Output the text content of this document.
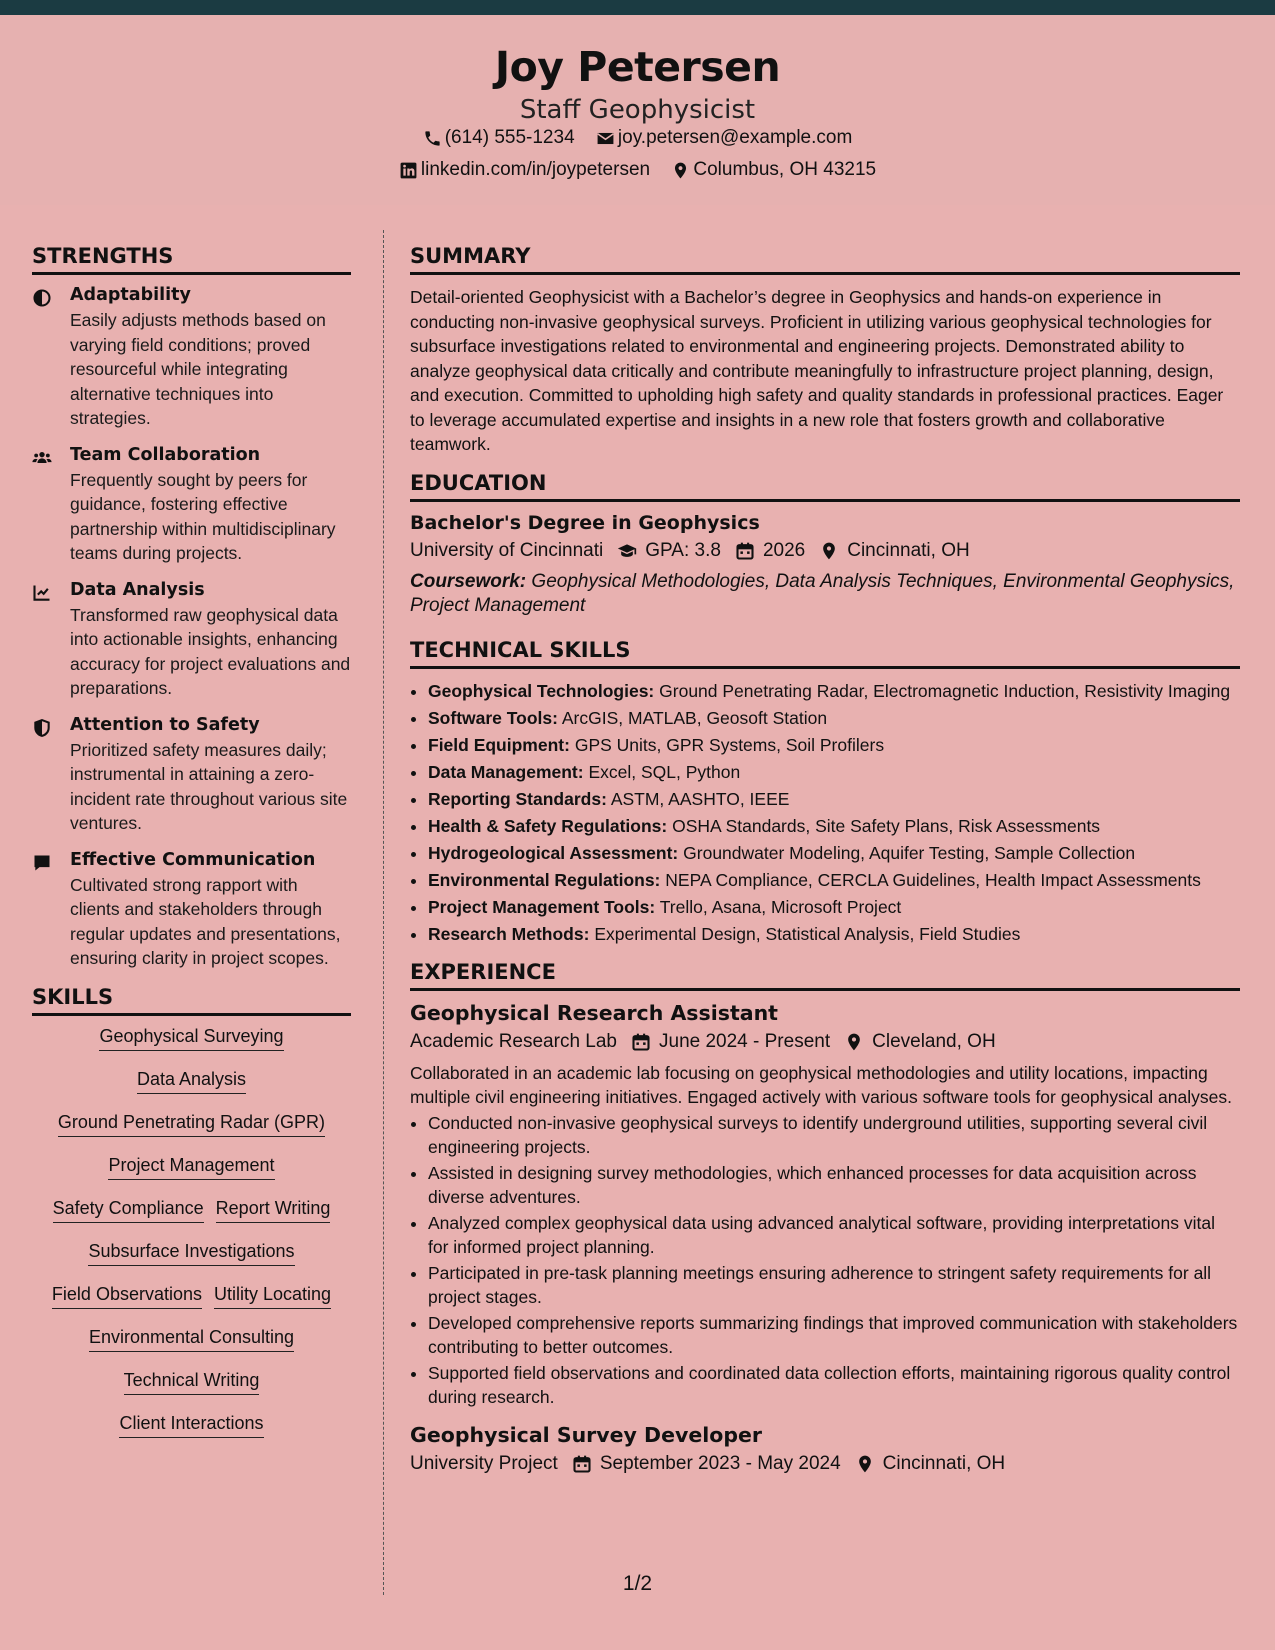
Joy Petersen
Staff Geophysicist
(614) 555-1234
joy.petersen@example.com
linkedin.com/in/joypetersen
Columbus, OH 43215
STRENGTHS
Adaptability
Easily adjusts methods based on varying field conditions; proved resourceful while integrating alternative techniques into strategies.
Team Collaboration
Frequently sought by peers for guidance, fostering effective partnership within multidisciplinary teams during projects.
Data Analysis
Transformed raw geophysical data into actionable insights, enhancing accuracy for project evaluations and preparations.
Attention to Safety
Prioritized safety measures daily; instrumental in attaining a zero-incident rate throughout various site ventures.
Effective Communication
Cultivated strong rapport with clients and stakeholders through regular updates and presentations, ensuring clarity in project scopes.
SKILLS
Geophysical Surveying
Data Analysis
Ground Penetrating Radar (GPR)
Project Management
Safety Compliance Report Writing
Subsurface Investigations
Field Observations Utility Locating
Environmental Consulting
Technical Writing
Client Interactions
SUMMARY
Detail-oriented Geophysicist with a Bachelor’s degree in Geophysics and hands-on experience in conducting non-invasive geophysical surveys. Proficient in utilizing various geophysical technologies for subsurface investigations related to environmental and engineering projects. Demonstrated ability to analyze geophysical data critically and contribute meaningfully to infrastructure project planning, design, and execution. Committed to upholding high safety and quality standards in professional practices. Eager to leverage accumulated expertise and insights in a new role that fosters growth and collaborative teamwork.
EDUCATION
Bachelor's Degree in Geophysics
University of Cincinnati GPA: 3.8 2026 Cincinnati, OH
Coursework: Geophysical Methodologies, Data Analysis Techniques, Environmental Geophysics, Project Management
TECHNICAL SKILLS
• Geophysical Technologies: Ground Penetrating Radar, Electromagnetic Induction, Resistivity Imaging
• Software Tools: ArcGIS, MATLAB, Geosoft Station
• Field Equipment: GPS Units, GPR Systems, Soil Profilers
• Data Management: Excel, SQL, Python
• Reporting Standards: ASTM, AASHTO, IEEE
• Health & Safety Regulations: OSHA Standards, Site Safety Plans, Risk Assessments
• Hydrogeological Assessment: Groundwater Modeling, Aquifer Testing, Sample Collection
• Environmental Regulations: NEPA Compliance, CERCLA Guidelines, Health Impact Assessments
• Project Management Tools: Trello, Asana, Microsoft Project
• Research Methods: Experimental Design, Statistical Analysis, Field Studies
EXPERIENCE
Geophysical Research Assistant
Academic Research Lab June 2024 - Present Cleveland, OH
Collaborated in an academic lab focusing on geophysical methodologies and utility locations, impacting multiple civil engineering initiatives. Engaged actively with various software tools for geophysical analyses.
• Conducted non-invasive geophysical surveys to identify underground utilities, supporting several civil engineering projects.
• Assisted in designing survey methodologies, which enhanced processes for data acquisition across diverse adventures.
• Analyzed complex geophysical data using advanced analytical software, providing interpretations vital for informed project planning.
• Participated in pre-task planning meetings ensuring adherence to stringent safety requirements for all project stages.
• Developed comprehensive reports summarizing findings that improved communication with stakeholders contributing to better outcomes.
• Supported field observations and coordinated data collection efforts, maintaining rigorous quality control during research.
Geophysical Survey Developer
University Project September 2023 - May 2024 Cincinnati, OH
1/2
